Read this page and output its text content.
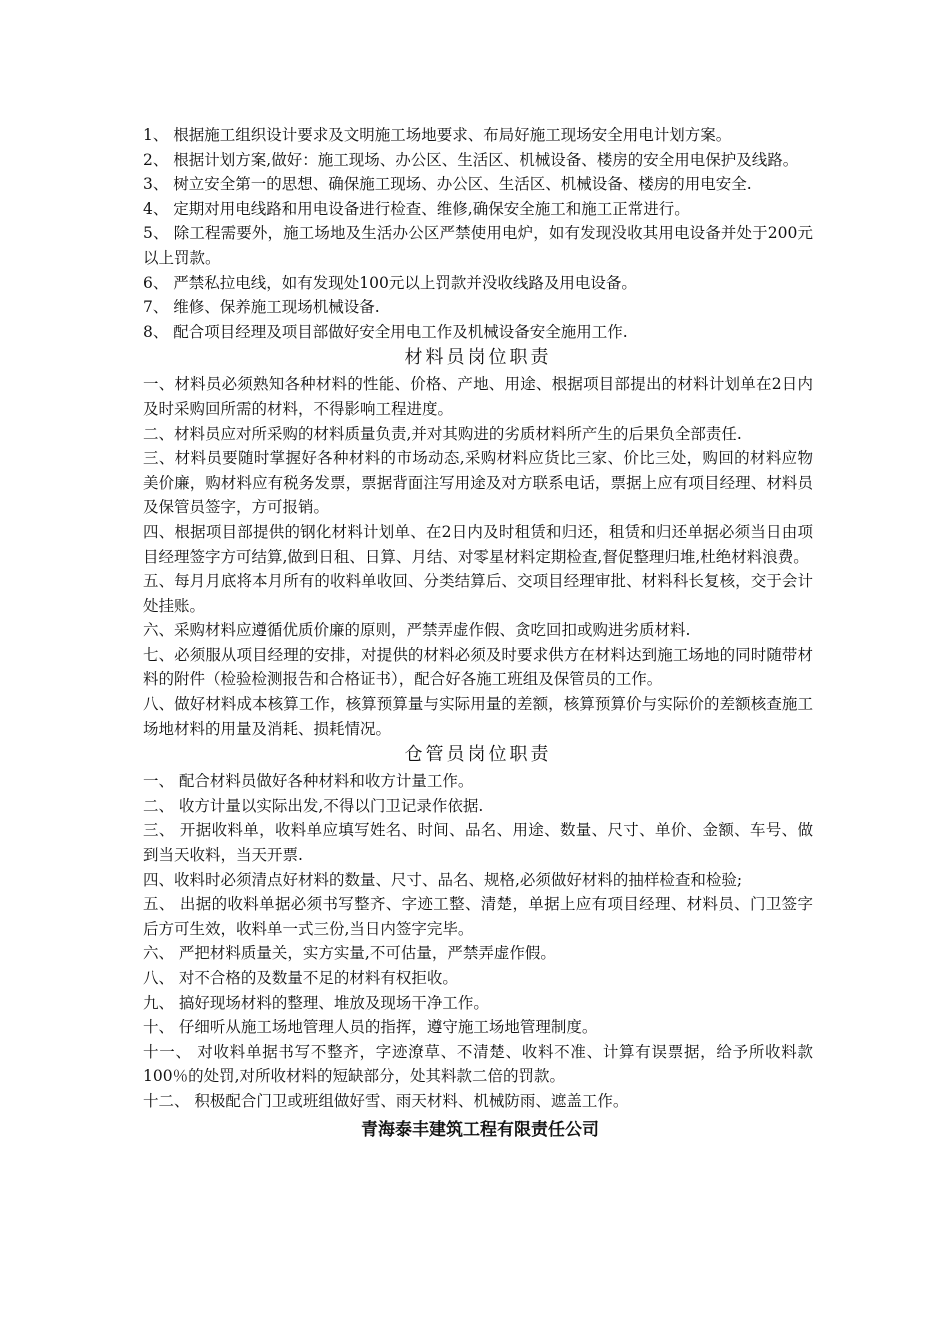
1、 根据施工组织设计要求及文明施工场地要求、布局好施工现场安全用电计划方案。

2、 根据计划方案,做好：施工现场、办公区、生活区、机械设备、楼房的安全用电保护及线路。

3、 树立安全第一的思想、确保施工现场、办公区、生活区、机械设备、楼房的用电安全.

4、 定期对用电线路和用电设备进行检查、维修,确保安全施工和施工正常进行。

5、 除工程需要外，施工场地及生活办公区严禁使用电炉，如有发现没收其用电设备并处于200元以上罚款。

6、 严禁私拉电线，如有发现处100元以上罚款并没收线路及用电设备。

7、 维修、保养施工现场机械设备.

8、 配合项目经理及项目部做好安全用电工作及机械设备安全施用工作.

材料员岗位职责

一、材料员必须熟知各种材料的性能、价格、产地、用途、根据项目部提出的材料计划单在2日内及时采购回所需的材料，不得影响工程进度。

二、材料员应对所采购的材料质量负责,并对其购进的劣质材料所产生的后果负全部责任.

三、材料员要随时掌握好各种材料的市场动态,采购材料应货比三家、价比三处，购回的材料应物美价廉，购材料应有税务发票，票据背面注写用途及对方联系电话，票据上应有项目经理、材料员及保管员签字，方可报销。

四、根据项目部提供的钢化材料计划单、在2日内及时租赁和归还，租赁和归还单据必须当日由项目经理签字方可结算,做到日租、日算、月结、对零星材料定期检查,督促整理归堆,杜绝材料浪费。

五、每月月底将本月所有的收料单收回、分类结算后、交项目经理审批、材料科长复核，交于会计处挂账。

六、采购材料应遵循优质价廉的原则，严禁弄虚作假、贪吃回扣或购进劣质材料.

七、必须服从项目经理的安排，对提供的材料必须及时要求供方在材料达到施工场地的同时随带材料的附件（检验检测报告和合格证书），配合好各施工班组及保管员的工作。

八、做好材料成本核算工作，核算预算量与实际用量的差额，核算预算价与实际价的差额核查施工场地材料的用量及消耗、损耗情况。

仓管员岗位职责

一、 配合材料员做好各种材料和收方计量工作。

二、 收方计量以实际出发,不得以门卫记录作依据.

三、 开据收料单，收料单应填写姓名、时间、品名、用途、数量、尺寸、单价、金额、车号、做到当天收料，当天开票.

四、收料时必须清点好材料的数量、尺寸、品名、规格,必须做好材料的抽样检查和检验;

五、 出据的收料单据必须书写整齐、字迹工整、清楚，单据上应有项目经理、材料员、门卫签字后方可生效，收料单一式三份,当日内签字完毕。

六、 严把材料质量关，实方实量,不可估量，严禁弄虚作假。

八、 对不合格的及数量不足的材料有权拒收。

九、 搞好现场材料的整理、堆放及现场干净工作。

十、 仔细听从施工场地管理人员的指挥，遵守施工场地管理制度。

十一、 对收料单据书写不整齐，字迹潦草、不清楚、收料不准、计算有误票据，给予所收料款100％的处罚,对所收材料的短缺部分，处其料款二倍的罚款。

十二、 积极配合门卫或班组做好雪、雨天材料、机械防雨、遮盖工作。

青海泰丰建筑工程有限责任公司
